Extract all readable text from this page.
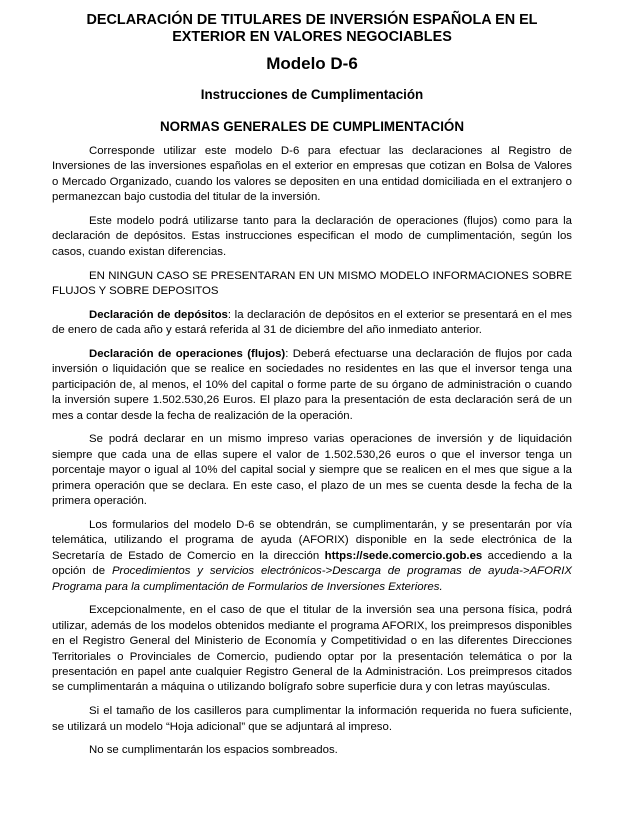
DECLARACIÓN DE TITULARES DE INVERSIÓN ESPAÑOLA EN EL EXTERIOR EN VALORES NEGOCIABLES
Modelo D-6
Instrucciones de Cumplimentación
NORMAS GENERALES DE CUMPLIMENTACIÓN

Corresponde utilizar este modelo D-6 para efectuar las declaraciones al Registro de Inversiones de las inversiones españolas en el exterior en empresas que cotizan en Bolsa de Valores o Mercado Organizado, cuando los valores se depositen en una entidad domiciliada en el extranjero o permanezcan bajo custodia del titular de la inversión.

Este modelo podrá utilizarse tanto para la declaración de operaciones (flujos) como para la declaración de depósitos. Estas instrucciones especifican el modo de cumplimentación, según los casos, cuando existan diferencias.

EN NINGUN CASO SE PRESENTARAN EN UN MISMO MODELO INFORMACIONES SOBRE FLUJOS Y SOBRE DEPOSITOS

Declaración de depósitos: la declaración de depósitos en el exterior se presentará en el mes de enero de cada año y estará referida al 31 de diciembre del año inmediato anterior.

Declaración de operaciones (flujos): Deberá efectuarse una declaración de flujos por cada inversión o liquidación que se realice en sociedades no residentes en las que el inversor tenga una participación de, al menos, el 10% del capital o forme parte de su órgano de administración o cuando la inversión supere 1.502.530,26 Euros. El plazo para la presentación de esta declaración será de un mes a contar desde la fecha de realización de la operación.

Se podrá declarar en un mismo impreso varias operaciones de inversión y de liquidación siempre que cada una de ellas supere el valor de 1.502.530,26 euros o que el inversor tenga un porcentaje mayor o igual al 10% del capital social y siempre que se realicen en el mes que sigue a la primera operación que se declara. En este caso, el plazo de un mes se cuenta desde la fecha de la primera operación.

Los formularios del modelo D-6 se obtendrán, se cumplimentarán, y se presentarán por vía telemática, utilizando el programa de ayuda (AFORIX) disponible en la sede electrónica de la Secretaría de Estado de Comercio en la dirección https://sede.comercio.gob.es accediendo a la opción de Procedimientos y servicios electrónicos->Descarga de programas de ayuda->AFORIX Programa para la cumplimentación de Formularios de Inversiones Exteriores.

Excepcionalmente, en el caso de que el titular de la inversión sea una persona física, podrá utilizar, además de los modelos obtenidos mediante el programa AFORIX, los preimpresos disponibles en el Registro General del Ministerio de Economía y Competitividad o en las diferentes Direcciones Territoriales o Provinciales de Comercio, pudiendo optar por la presentación telemática o por la presentación en papel ante cualquier Registro General de la Administración. Los preimpresos citados se cumplimentarán a máquina o utilizando bolígrafo sobre superficie dura y con letras mayúsculas.

Si el tamaño de los casilleros para cumplimentar la información requerida no fuera suficiente, se utilizará un modelo “Hoja adicional” que se adjuntará al impreso.

No se cumplimentarán los espacios sombreados.
